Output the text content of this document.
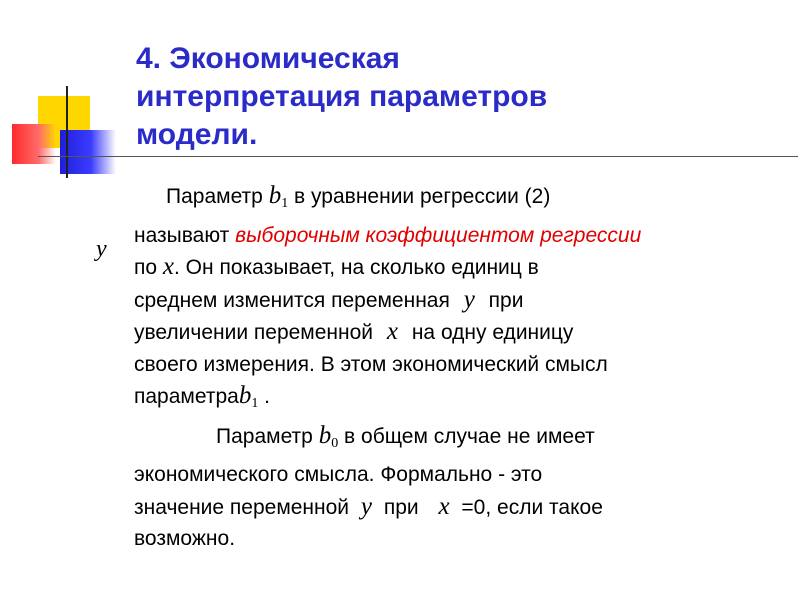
4. Экономическая
интерпретация параметров
модели.
y

Параметр $b_1$ в уравнении регрессии (2)

называют выборочным коэффициентом регрессии

по x. Он показывает, на сколько единиц в

среднем изменится переменная y при

увеличении переменной x на одну единицу

своего измерения. В этом экономический смысл

параметраb$_1$ .

Параметр $b_0$ в общем случае не имеет

экономического смысла. Формально - это

значение переменной y при x =0, если такое

возможно.
